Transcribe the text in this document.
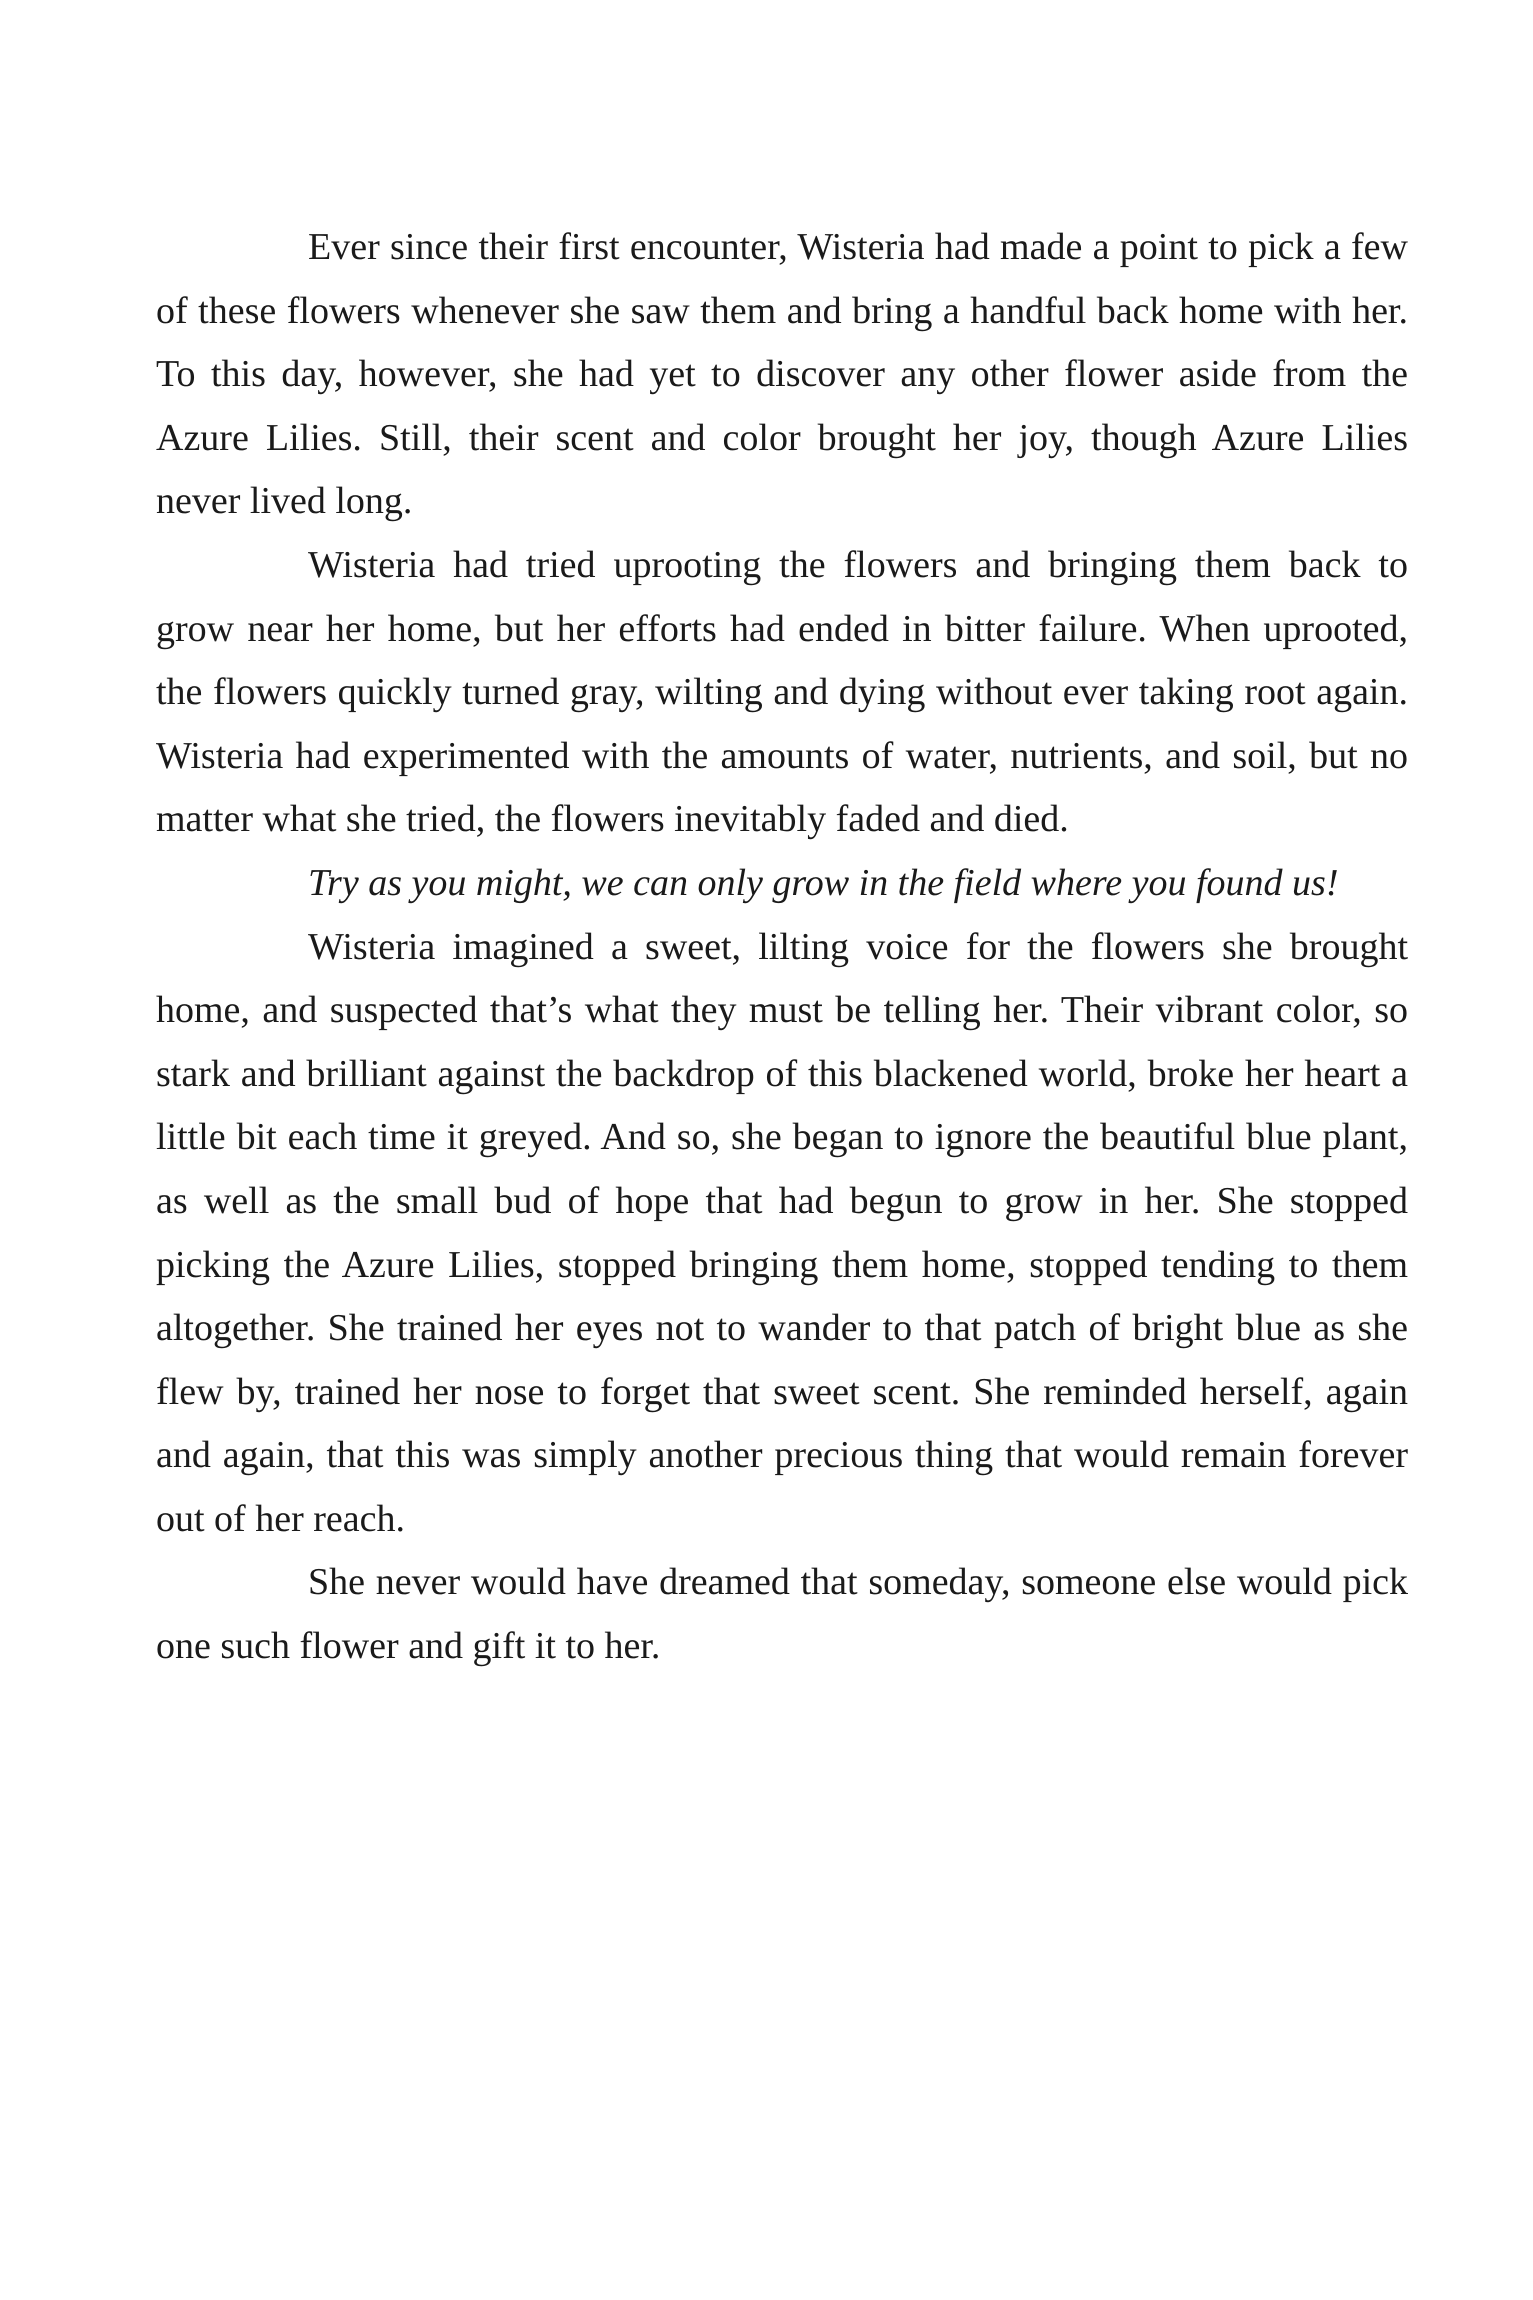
Ever since their first encounter, Wisteria had made a point to pick a few of these flowers whenever she saw them and bring a handful back home with her. To this day, however, she had yet to discover any other flower aside from the Azure Lilies. Still, their scent and color brought her joy, though Azure Lilies never lived long.

Wisteria had tried uprooting the flowers and bringing them back to grow near her home, but her efforts had ended in bitter failure. When uprooted, the flowers quickly turned gray, wilting and dying without ever taking root again. Wisteria had experimented with the amounts of water, nutrients, and soil, but no matter what she tried, the flowers inevitably faded and died.

Try as you might, we can only grow in the field where you found us!

Wisteria imagined a sweet, lilting voice for the flowers she brought home, and suspected that’s what they must be telling her. Their vibrant color, so stark and brilliant against the backdrop of this blackened world, broke her heart a little bit each time it greyed. And so, she began to ignore the beautiful blue plant, as well as the small bud of hope that had begun to grow in her. She stopped picking the Azure Lilies, stopped bringing them home, stopped tending to them altogether. She trained her eyes not to wander to that patch of bright blue as she flew by, trained her nose to forget that sweet scent. She reminded herself, again and again, that this was simply another precious thing that would remain forever out of her reach.

She never would have dreamed that someday, someone else would pick one such flower and gift it to her.
